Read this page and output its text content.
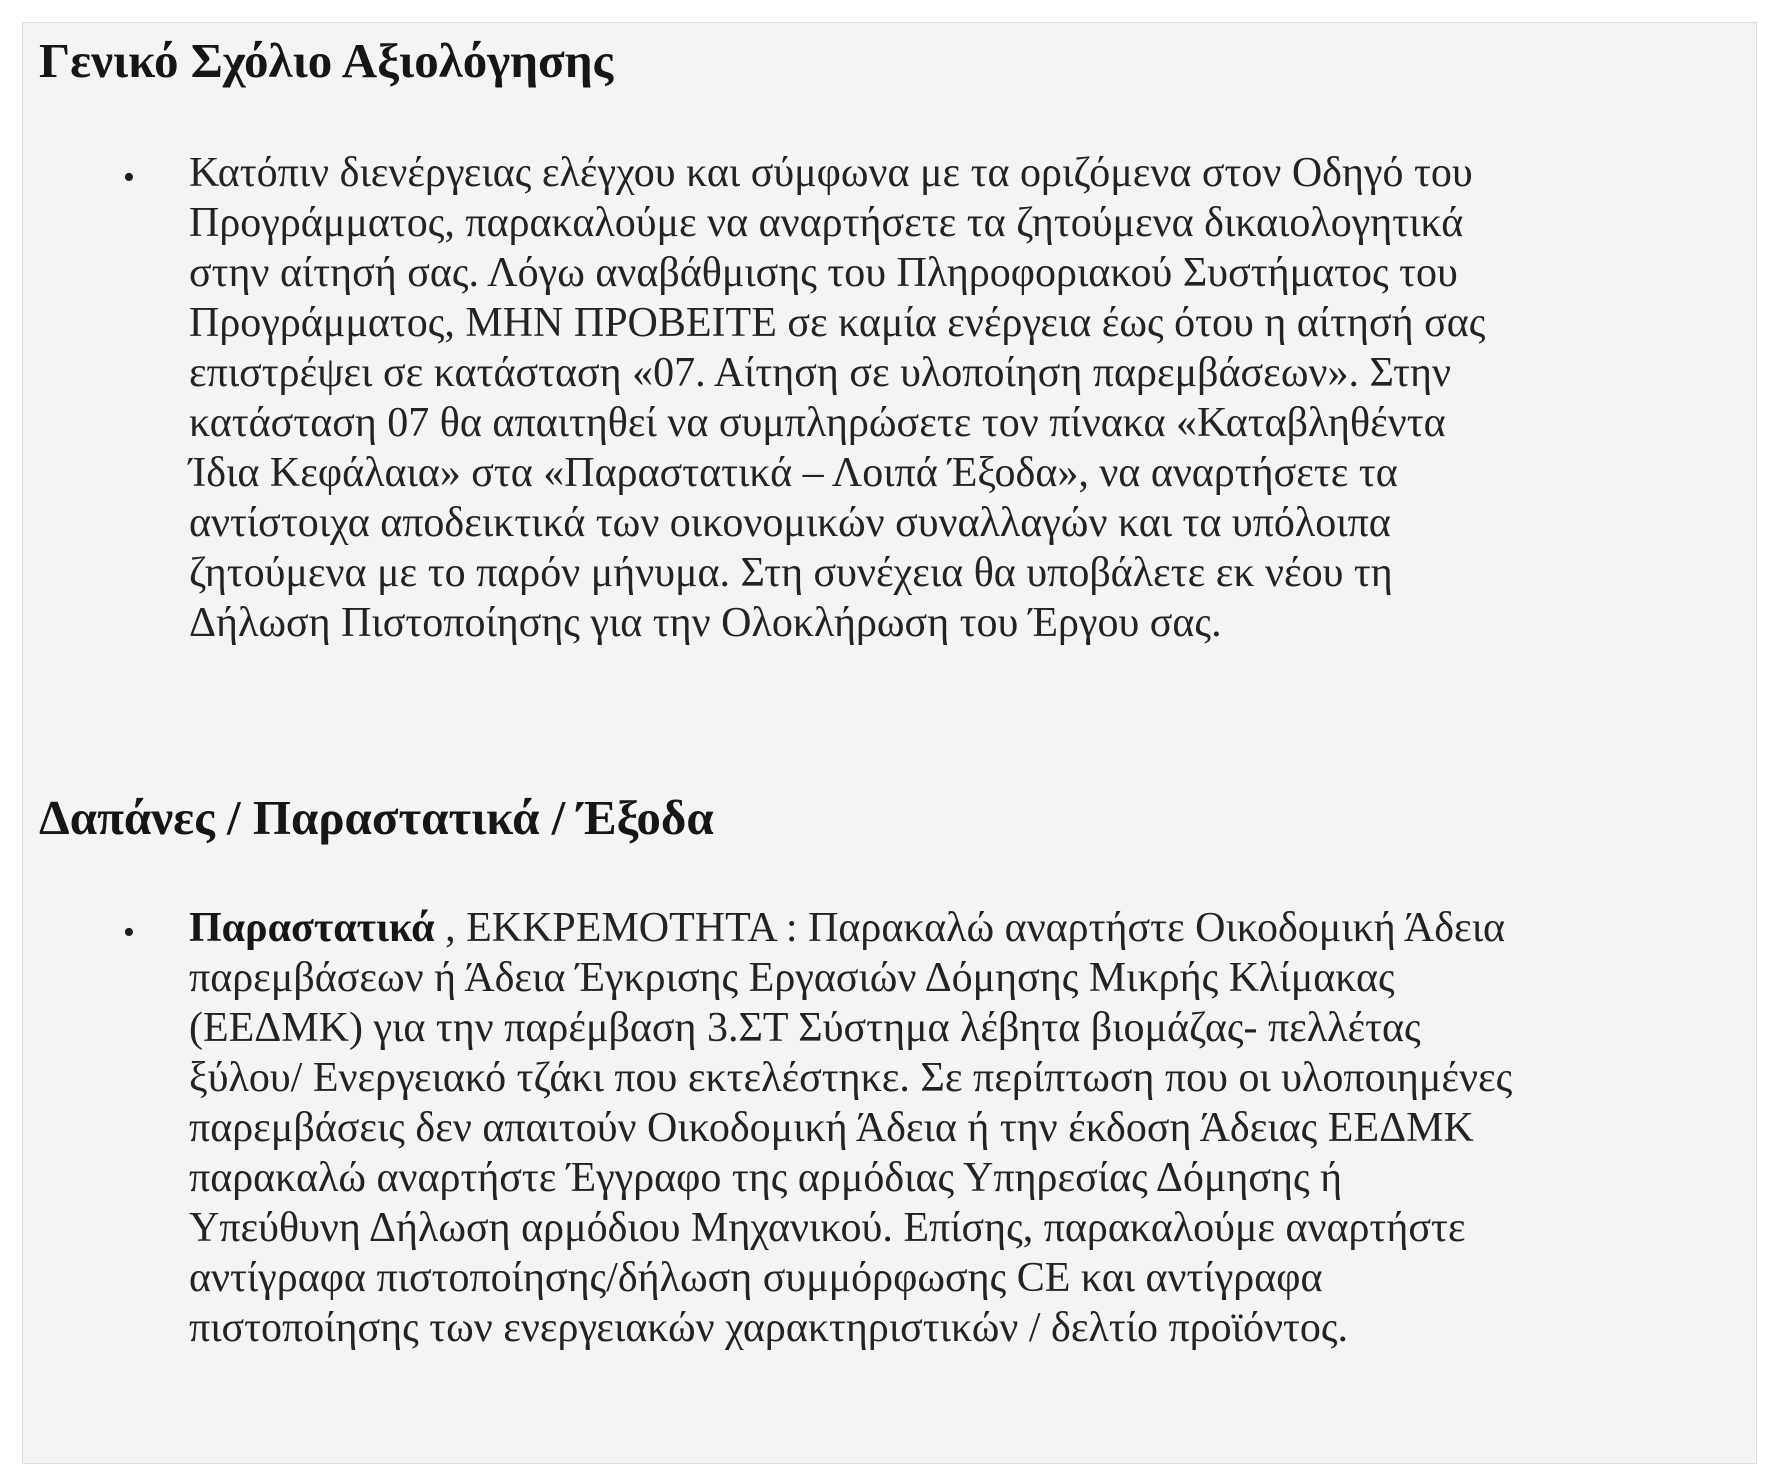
Γενικό Σχόλιο Αξιολόγησης
• Κατόπιν διενέργειας ελέγχου και σύμφωνα με τα οριζόμενα στον Οδηγό του
Προγράμματος, παρακαλούμε να αναρτήσετε τα ζητούμενα δικαιολογητικά
στην αίτησή σας. Λόγω αναβάθμισης του Πληροφοριακού Συστήματος του
Προγράμματος, ΜΗΝ ΠΡΟΒΕΙΤΕ σε καμία ενέργεια έως ότου η αίτησή σας
επιστρέψει σε κατάσταση «07. Αίτηση σε υλοποίηση παρεμβάσεων». Στην
κατάσταση 07 θα απαιτηθεί να συμπληρώσετε τον πίνακα «Καταβληθέντα
Ίδια Κεφάλαια» στα «Παραστατικά – Λοιπά Έξοδα», να αναρτήσετε τα
αντίστοιχα αποδεικτικά των οικονομικών συναλλαγών και τα υπόλοιπα
ζητούμενα με το παρόν μήνυμα. Στη συνέχεια θα υποβάλετε εκ νέου τη
Δήλωση Πιστοποίησης για την Ολοκλήρωση του Έργου σας.
Δαπάνες / Παραστατικά / Έξοδα
• Παραστατικά , ΕΚΚΡΕΜΟΤΗΤΑ : Παρακαλώ αναρτήστε Οικοδομική Άδεια
παρεμβάσεων ή Άδεια Έγκρισης Εργασιών Δόμησης Μικρής Κλίμακας
(ΕΕΔΜΚ) για την παρέμβαση 3.ΣΤ Σύστημα λέβητα βιομάζας- πελλέτας
ξύλου/ Ενεργειακό τζάκι που εκτελέστηκε. Σε περίπτωση που οι υλοποιημένες
παρεμβάσεις δεν απαιτούν Οικοδομική Άδεια ή την έκδοση Άδειας ΕΕΔΜΚ
παρακαλώ αναρτήστε Έγγραφο της αρμόδιας Υπηρεσίας Δόμησης ή
Υπεύθυνη Δήλωση αρμόδιου Μηχανικού. Επίσης, παρακαλούμε αναρτήστε
αντίγραφα πιστοποίησης/δήλωση συμμόρφωσης CE και αντίγραφα
πιστοποίησης των ενεργειακών χαρακτηριστικών / δελτίο προϊόντος.
